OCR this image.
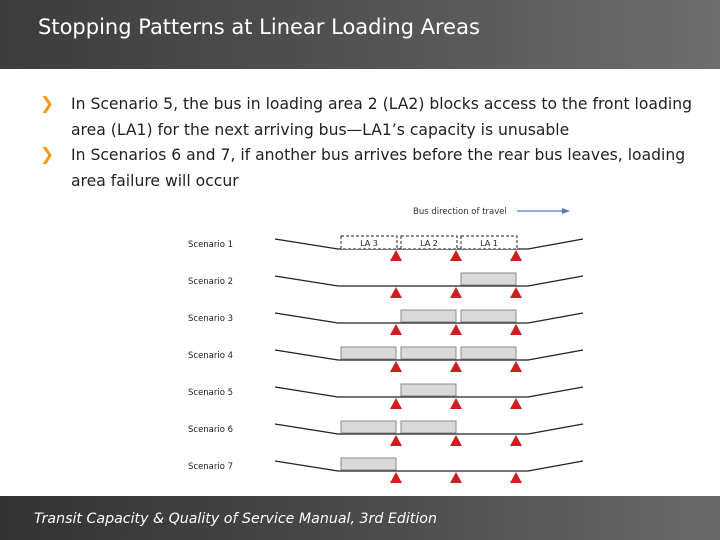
Stopping Patterns at Linear Loading Areas
❯ In Scenario 5, the bus in loading area 2 (LA2) blocks access to the front loading area (LA1) for the next arriving bus—LA1’s capacity is unusable
❯ In Scenarios 6 and 7, if another bus arrives before the rear bus leaves, loading area failure will occur
Bus direction of travel
Scenario 1	LA 3	LA 2	LA 1
Scenario 2
Scenario 3
Scenario 4
Scenario 5
Scenario 6
Scenario 7
Transit Capacity & Quality of Service Manual, 3rd Edition
